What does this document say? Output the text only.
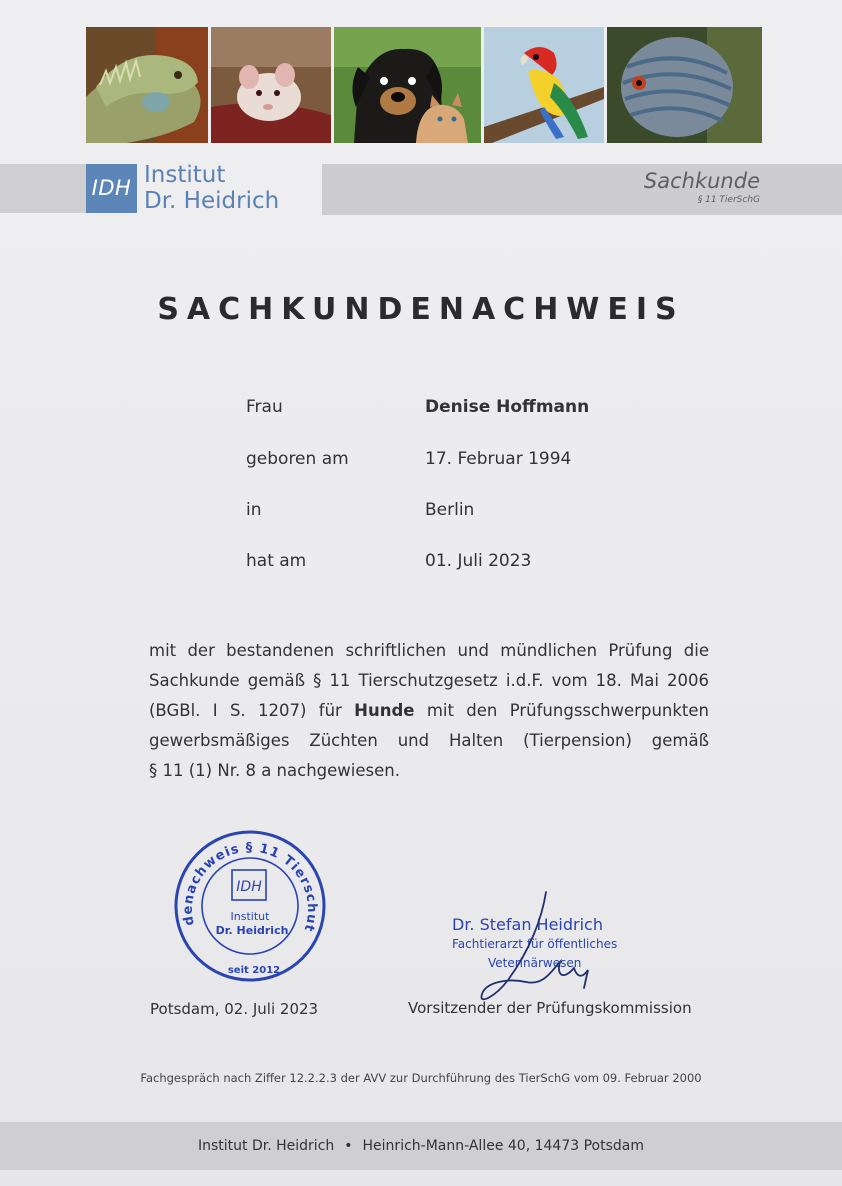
IDH Institut
Dr. Heidrich
Sachkunde
§ 11 TierSchG
SACHKUNDENACHWEIS
Frau	Denise Hoffmann
geboren am	17. Februar 1994
in	Berlin
hat am	01. Juli 2023
mit der bestandenen schriftlichen und mündlichen Prüfung die
Sachkunde gemäß § 11 Tierschutzgesetz i.d.F. vom 18. Mai 2006
(BGBl. I S. 1207) für Hunde mit den Prüfungsschwerpunkten
gewerbsmäßiges Züchten und Halten (Tierpension) gemäß
§ 11 (1) Nr. 8 a nachgewiesen.
denachweis § 11 Tierschut
IDH
Institut
Dr. Heidrich
seit 2012
Dr. Stefan Heidrich
Fachtierarzt für öffentliches
Veterinärwesen
Potsdam, 02. Juli 2023	Vorsitzender der Prüfungskommission
Fachgespräch nach Ziffer 12.2.2.3 der AVV zur Durchführung des TierSchG vom 09. Februar 2000
Institut Dr. Heidrich • Heinrich-Mann-Allee 40, 14473 Potsdam
